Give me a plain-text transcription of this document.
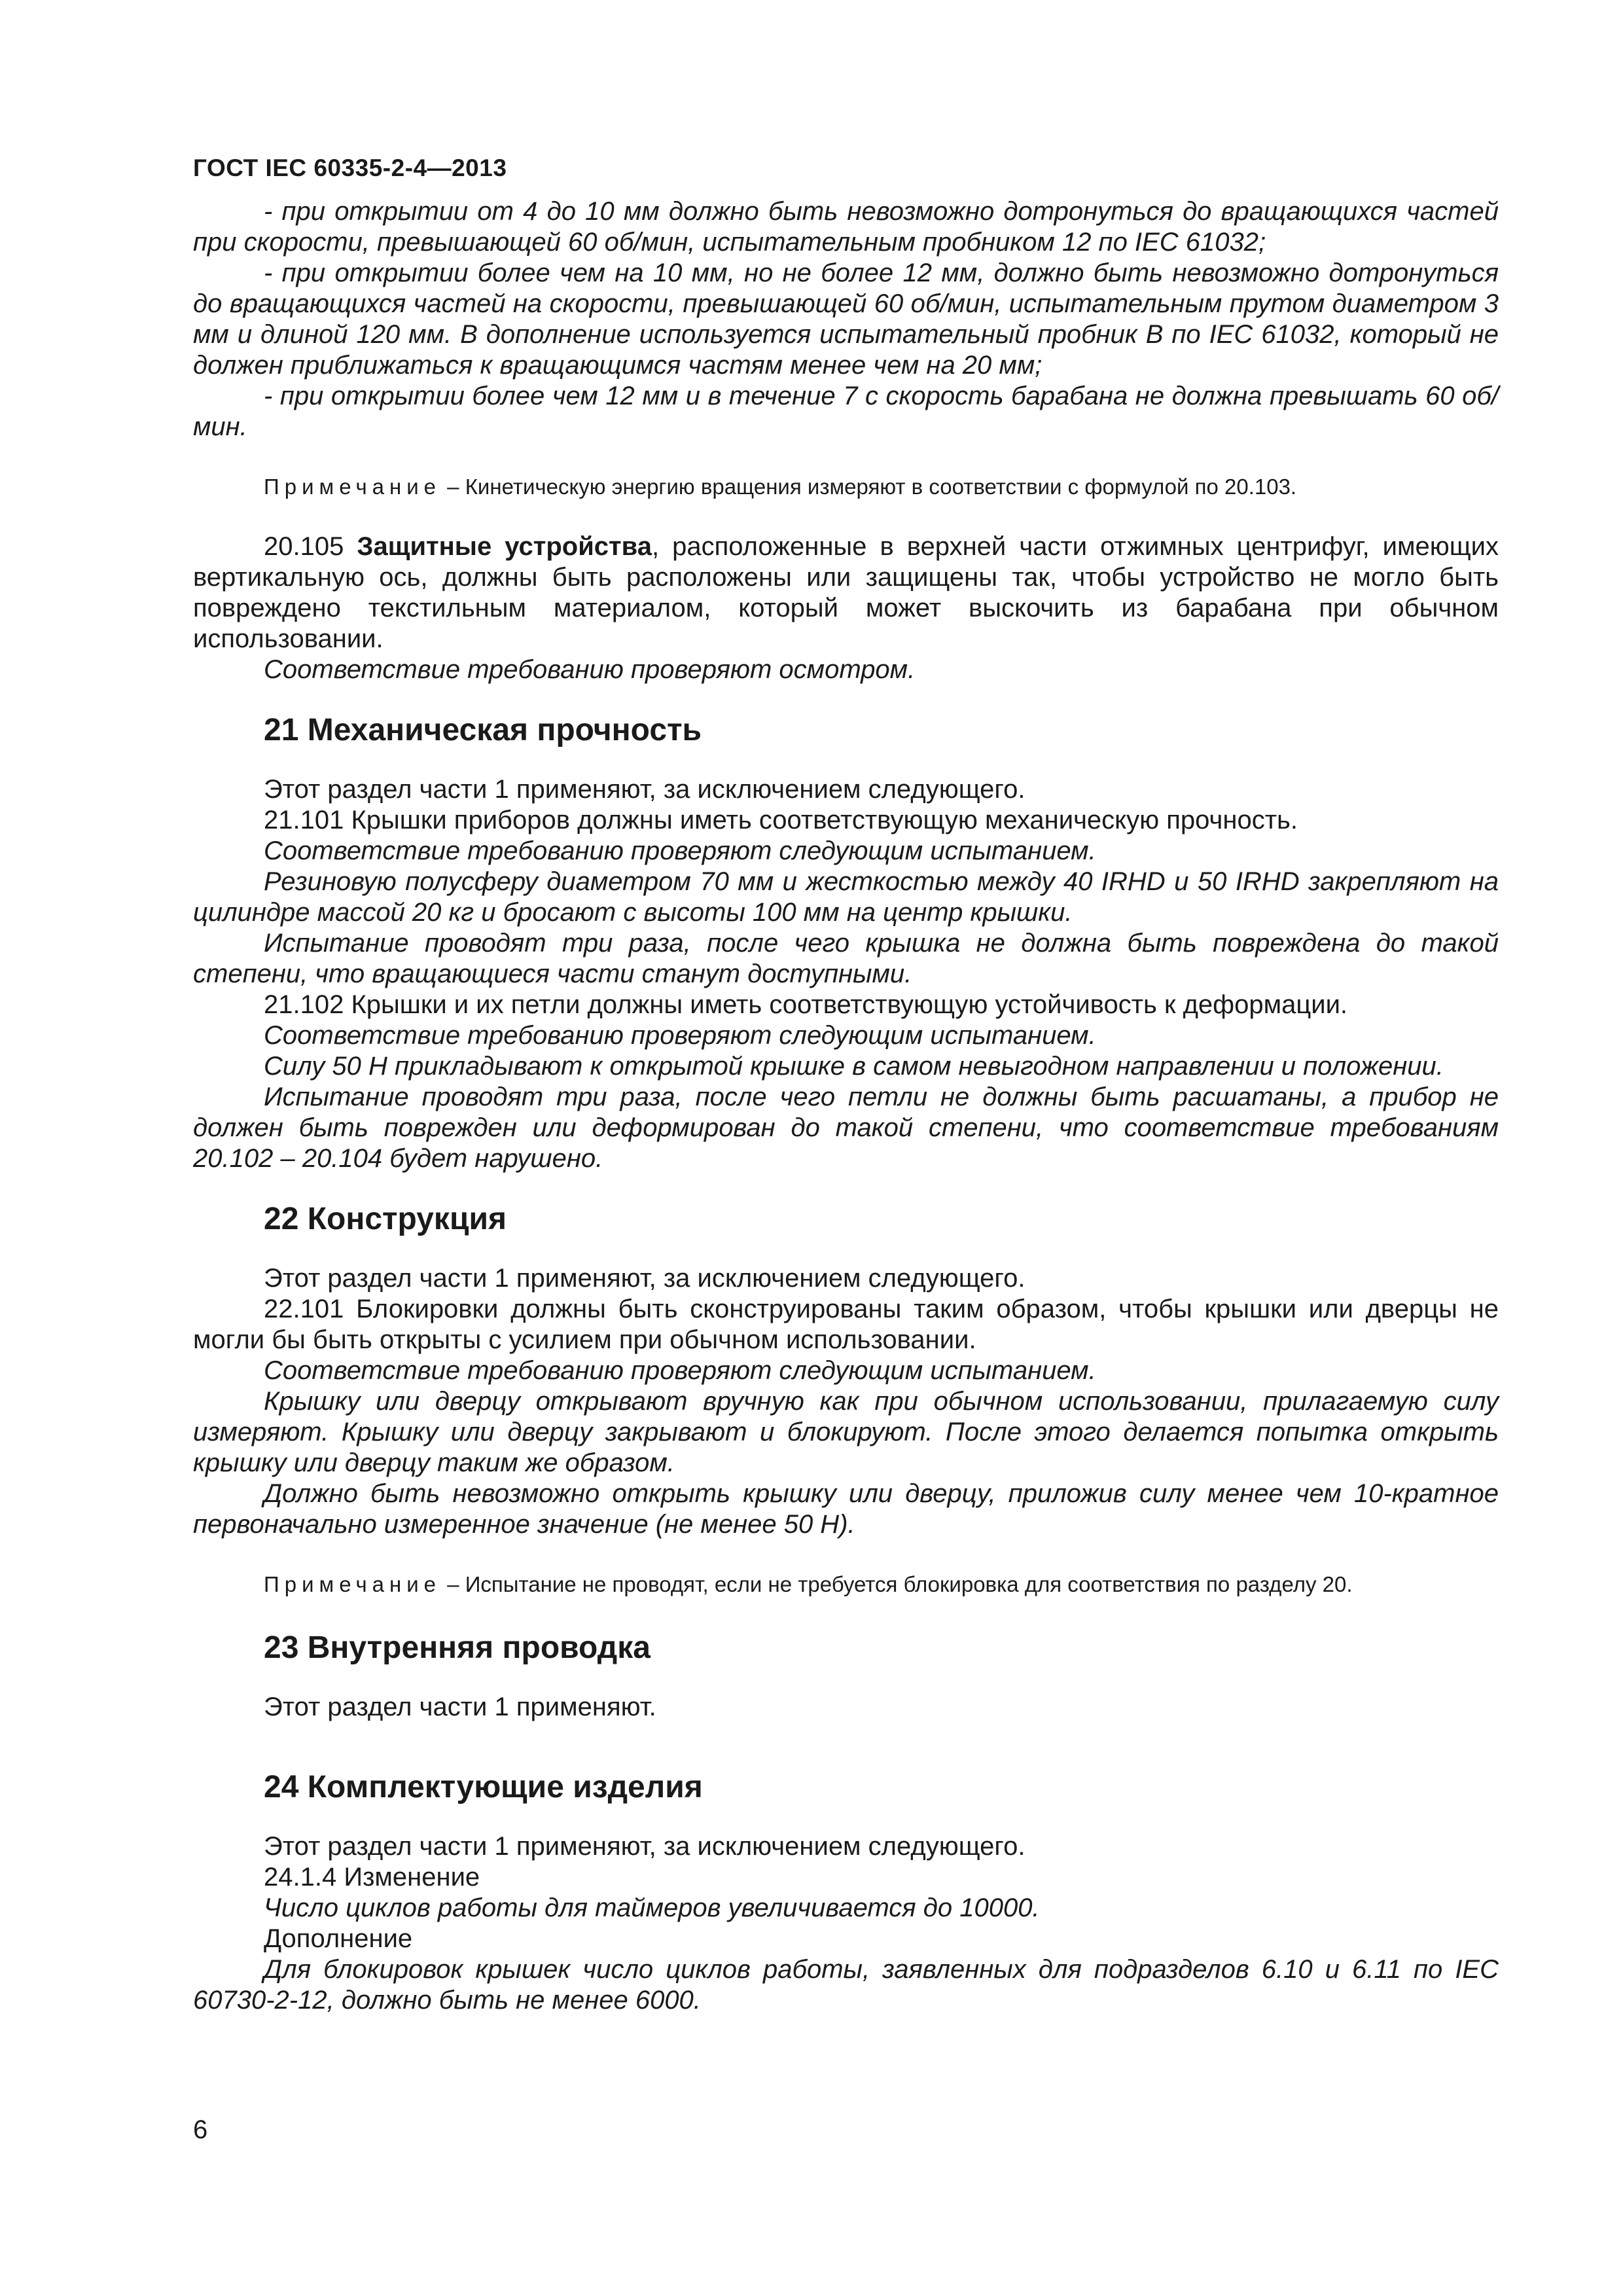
ГОСТ IEC 60335-2-4—2013

- при открытии от 4 до 10 мм должно быть невозможно дотронуться до вращающихся частей при скорости, превышающей 60 об/мин, испытательным пробником 12 по IEC 61032;

- при открытии более чем на 10 мм, но не более 12 мм, должно быть невозможно дотронуться до вращающихся частей на скорости, превышающей 60 об/мин, испытательным прутом диаметром 3 мм и длиной 120 мм. В дополнение используется испытательный пробник B по IEC 61032, который не должен приближаться к вращающимся частям менее чем на 20 мм;

- при открытии более чем 12 мм и в течение 7 с скорость барабана не должна превышать 60 об/мин.

Примечание – Кинетическую энергию вращения измеряют в соответствии с формулой по 20.103.

20.105 Защитные устройства, расположенные в верхней части отжимных центрифуг, имеющих вертикальную ось, должны быть расположены или защищены так, чтобы устройство не могло быть повреждено текстильным материалом, который может выскочить из барабана при обычном использовании.

Соответствие требованию проверяют осмотром.

21 Механическая прочность

Этот раздел части 1 применяют, за исключением следующего.

21.101 Крышки приборов должны иметь соответствующую механическую прочность.

Соответствие требованию проверяют следующим испытанием.

Резиновую полусферу диаметром 70 мм и жесткостью между 40 IRHD и 50 IRHD закрепляют на цилиндре массой 20 кг и бросают с высоты 100 мм на центр крышки.

Испытание проводят три раза, после чего крышка не должна быть повреждена до такой степени, что вращающиеся части станут доступными.

21.102 Крышки и их петли должны иметь соответствующую устойчивость к деформации.

Соответствие требованию проверяют следующим испытанием.

Силу 50 Н прикладывают к открытой крышке в самом невыгодном направлении и положении.

Испытание проводят три раза, после чего петли не должны быть расшатаны, а прибор не должен быть поврежден или деформирован до такой степени, что соответствие требованиям 20.102 – 20.104 будет нарушено.

22 Конструкция

Этот раздел части 1 применяют, за исключением следующего.

22.101 Блокировки должны быть сконструированы таким образом, чтобы крышки или дверцы не могли бы быть открыты с усилием при обычном использовании.

Соответствие требованию проверяют следующим испытанием.

Крышку или дверцу открывают вручную как при обычном использовании, прилагаемую силу измеряют. Крышку или дверцу закрывают и блокируют. После этого делается попытка открыть крышку или дверцу таким же образом.

Должно быть невозможно открыть крышку или дверцу, приложив силу менее чем 10-кратное первоначально измеренное значение (не менее 50 Н).

Примечание – Испытание не проводят, если не требуется блокировка для соответствия по разделу 20.

23 Внутренняя проводка

Этот раздел части 1 применяют.

24 Комплектующие изделия

Этот раздел части 1 применяют, за исключением следующего.

24.1.4 Изменение

Число циклов работы для таймеров увеличивается до 10000.

Дополнение

Для блокировок крышек число циклов работы, заявленных для подразделов 6.10 и 6.11 по IEC 60730-2-12, должно быть не менее 6000.

6
